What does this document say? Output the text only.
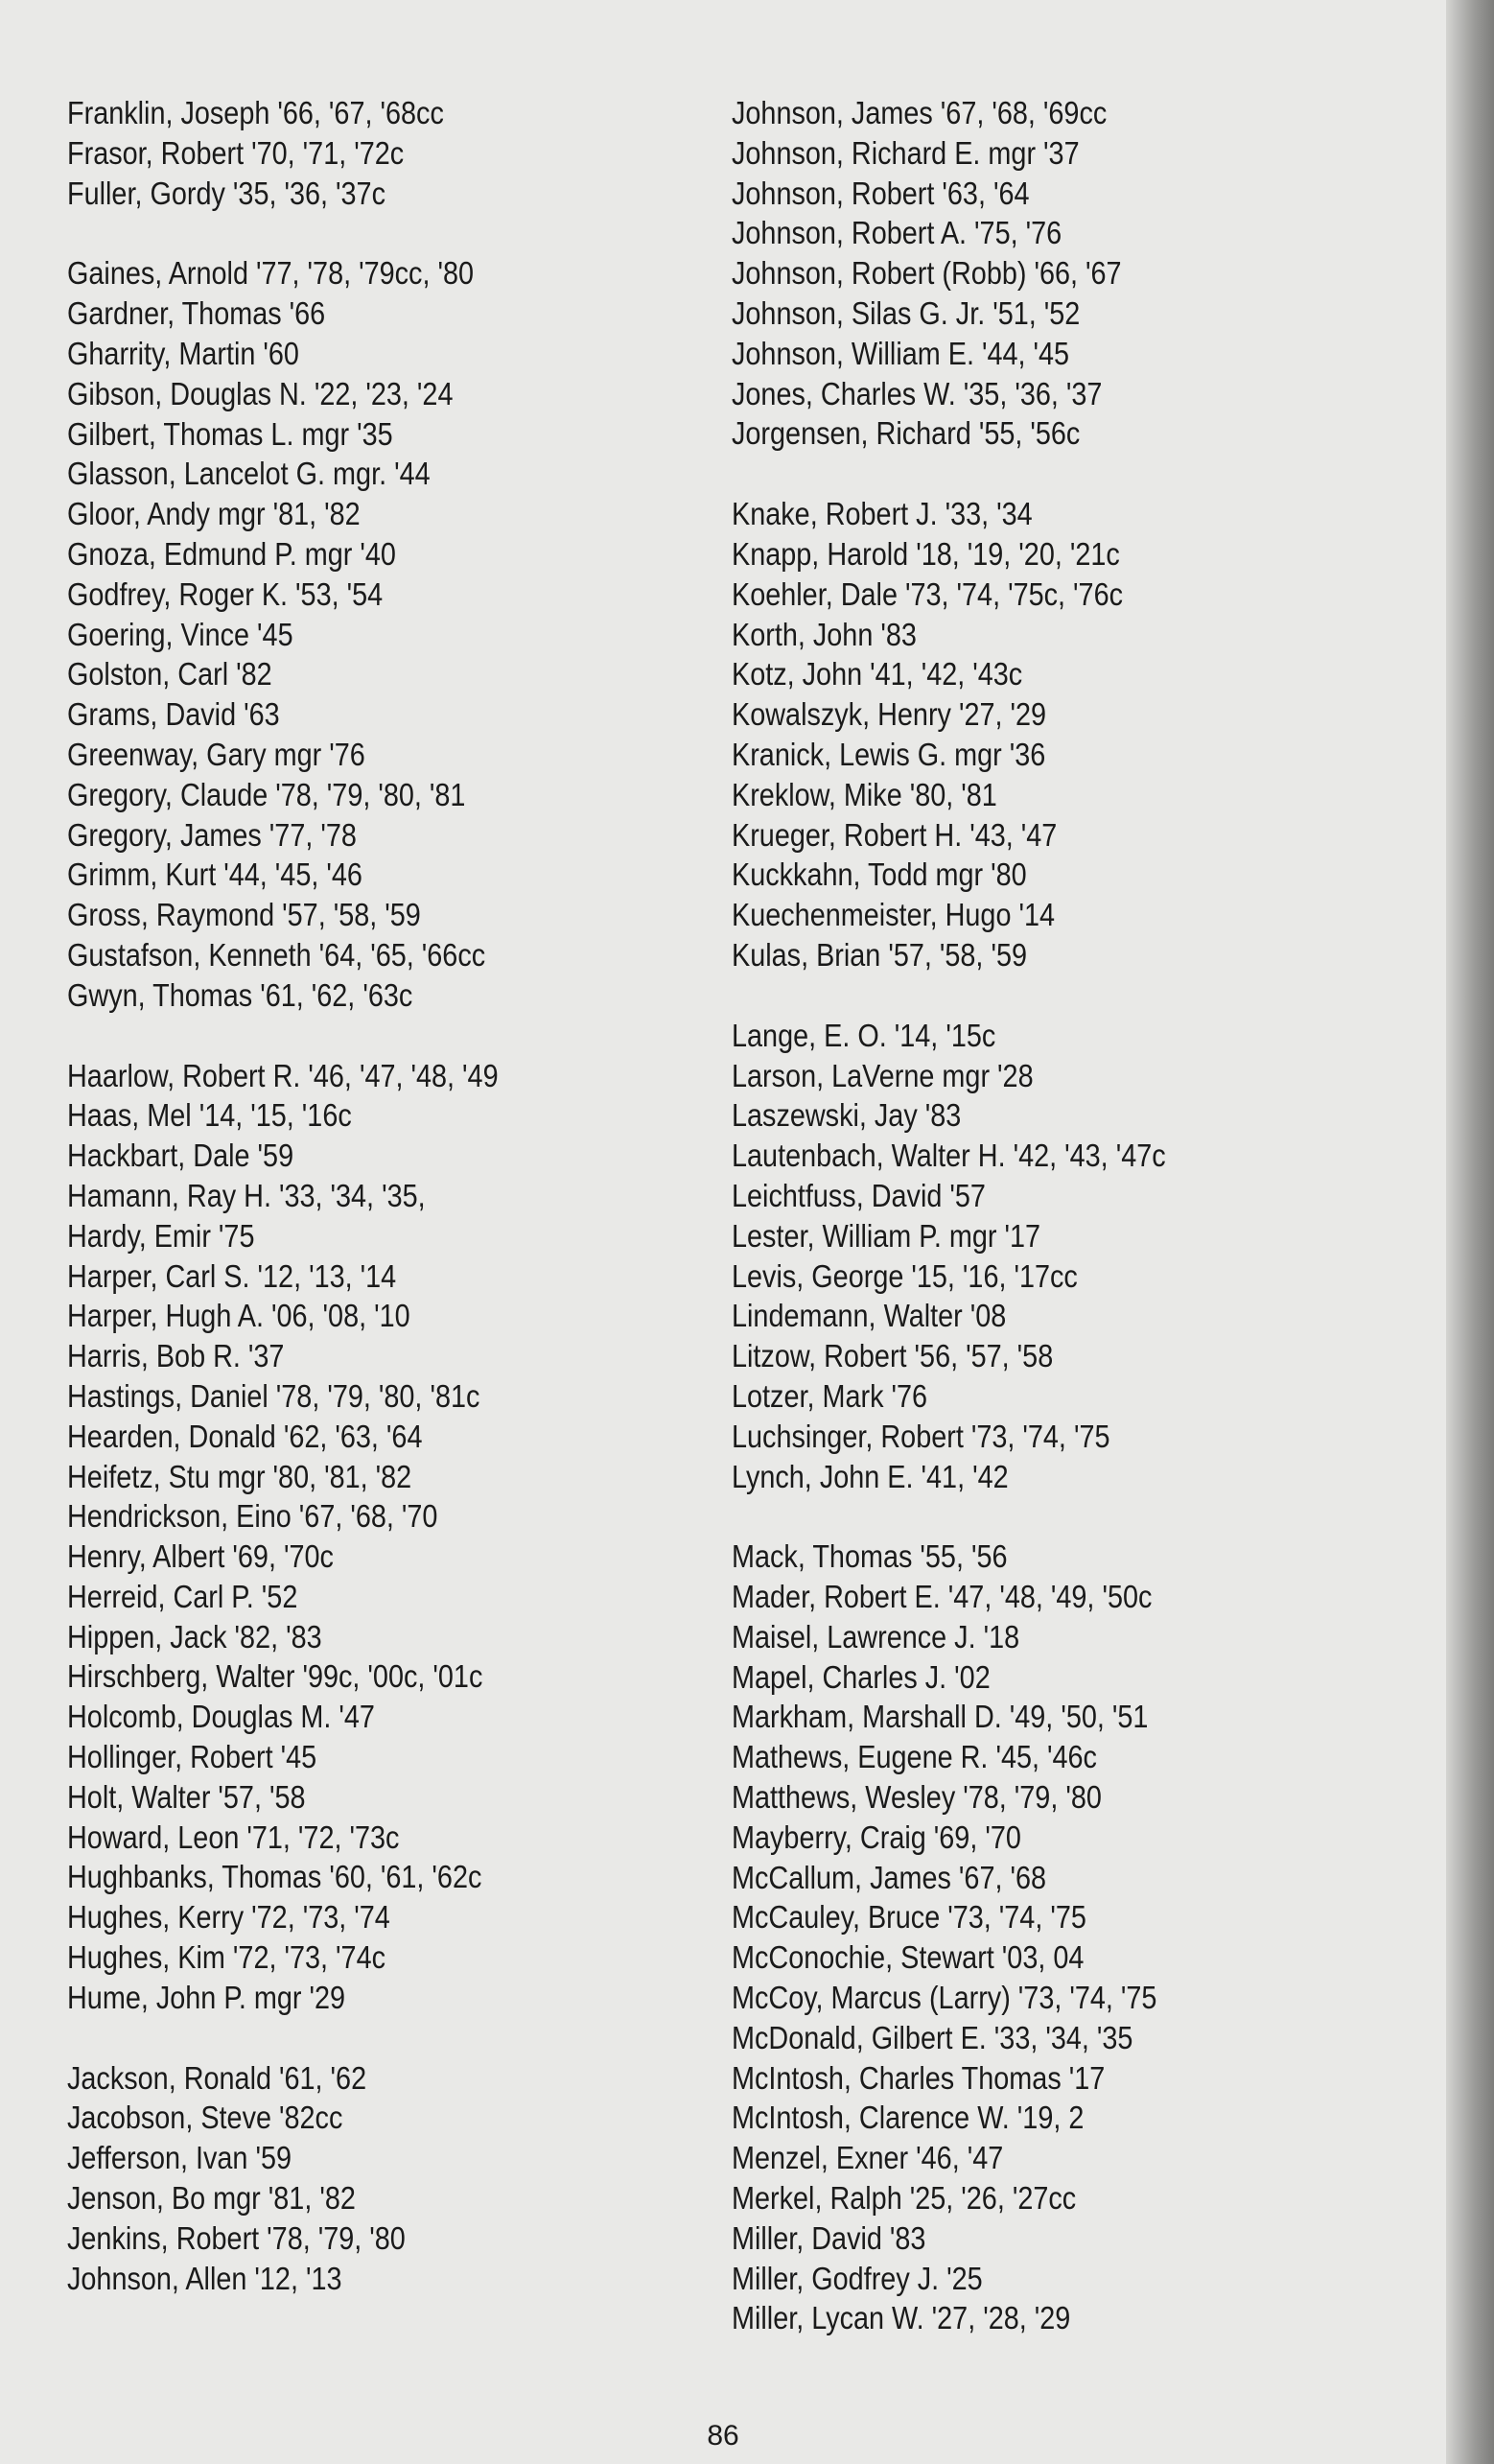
Franklin, Joseph '66, '67, '68cc
Frasor, Robert '70, '71, '72c
Fuller, Gordy '35, '36, '37c
Gaines, Arnold '77, '78, '79cc, '80
Gardner, Thomas '66
Gharrity, Martin '60
Gibson, Douglas N. '22, '23, '24
Gilbert, Thomas L. mgr '35
Glasson, Lancelot G. mgr. '44
Gloor, Andy mgr '81, '82
Gnoza, Edmund P. mgr '40
Godfrey, Roger K. '53, '54
Goering, Vince '45
Golston, Carl '82
Grams, David '63
Greenway, Gary mgr '76
Gregory, Claude '78, '79, '80, '81
Gregory, James '77, '78
Grimm, Kurt '44, '45, '46
Gross, Raymond '57, '58, '59
Gustafson, Kenneth '64, '65, '66cc
Gwyn, Thomas '61, '62, '63c
Haarlow, Robert R. '46, '47, '48, '49
Haas, Mel '14, '15, '16c
Hackbart, Dale '59
Hamann, Ray H. '33, '34, '35,
Hardy, Emir '75
Harper, Carl S. '12, '13, '14
Harper, Hugh A. '06, '08, '10
Harris, Bob R. '37
Hastings, Daniel '78, '79, '80, '81c
Hearden, Donald '62, '63, '64
Heifetz, Stu mgr '80, '81, '82
Hendrickson, Eino '67, '68, '70
Henry, Albert '69, '70c
Herreid, Carl P. '52
Hippen, Jack '82, '83
Hirschberg, Walter '99c, '00c, '01c
Holcomb, Douglas M. '47
Hollinger, Robert '45
Holt, Walter '57, '58
Howard, Leon '71, '72, '73c
Hughbanks, Thomas '60, '61, '62c
Hughes, Kerry '72, '73, '74
Hughes, Kim '72, '73, '74c
Hume, John P. mgr '29
Jackson, Ronald '61, '62
Jacobson, Steve '82cc
Jefferson, Ivan '59
Jenson, Bo mgr '81, '82
Jenkins, Robert '78, '79, '80
Johnson, Allen '12, '13
Johnson, James '67, '68, '69cc
Johnson, Richard E. mgr '37
Johnson, Robert '63, '64
Johnson, Robert A. '75, '76
Johnson, Robert (Robb) '66, '67
Johnson, Silas G. Jr. '51, '52
Johnson, William E. '44, '45
Jones, Charles W. '35, '36, '37
Jorgensen, Richard '55, '56c
Knake, Robert J. '33, '34
Knapp, Harold '18, '19, '20, '21c
Koehler, Dale '73, '74, '75c, '76c
Korth, John '83
Kotz, John '41, '42, '43c
Kowalszyk, Henry '27, '29
Kranick, Lewis G. mgr '36
Kreklow, Mike '80, '81
Krueger, Robert H. '43, '47
Kuckkahn, Todd mgr '80
Kuechenmeister, Hugo '14
Kulas, Brian '57, '58, '59
Lange, E. O. '14, '15c
Larson, LaVerne mgr '28
Laszewski, Jay '83
Lautenbach, Walter H. '42, '43, '47c
Leichtfuss, David '57
Lester, William P. mgr '17
Levis, George '15, '16, '17cc
Lindemann, Walter '08
Litzow, Robert '56, '57, '58
Lotzer, Mark '76
Luchsinger, Robert '73, '74, '75
Lynch, John E. '41, '42
Mack, Thomas '55, '56
Mader, Robert E. '47, '48, '49, '50c
Maisel, Lawrence J. '18
Mapel, Charles J. '02
Markham, Marshall D. '49, '50, '51
Mathews, Eugene R. '45, '46c
Matthews, Wesley '78, '79, '80
Mayberry, Craig '69, '70
McCallum, James '67, '68
McCauley, Bruce '73, '74, '75
McConochie, Stewart '03, 04
McCoy, Marcus (Larry) '73, '74, '75
McDonald, Gilbert E. '33, '34, '35
McIntosh, Charles Thomas '17
McIntosh, Clarence W. '19, 2
Menzel, Exner '46, '47
Merkel, Ralph '25, '26, '27cc
Miller, David '83
Miller, Godfrey J. '25
Miller, Lycan W. '27, '28, '29
86
